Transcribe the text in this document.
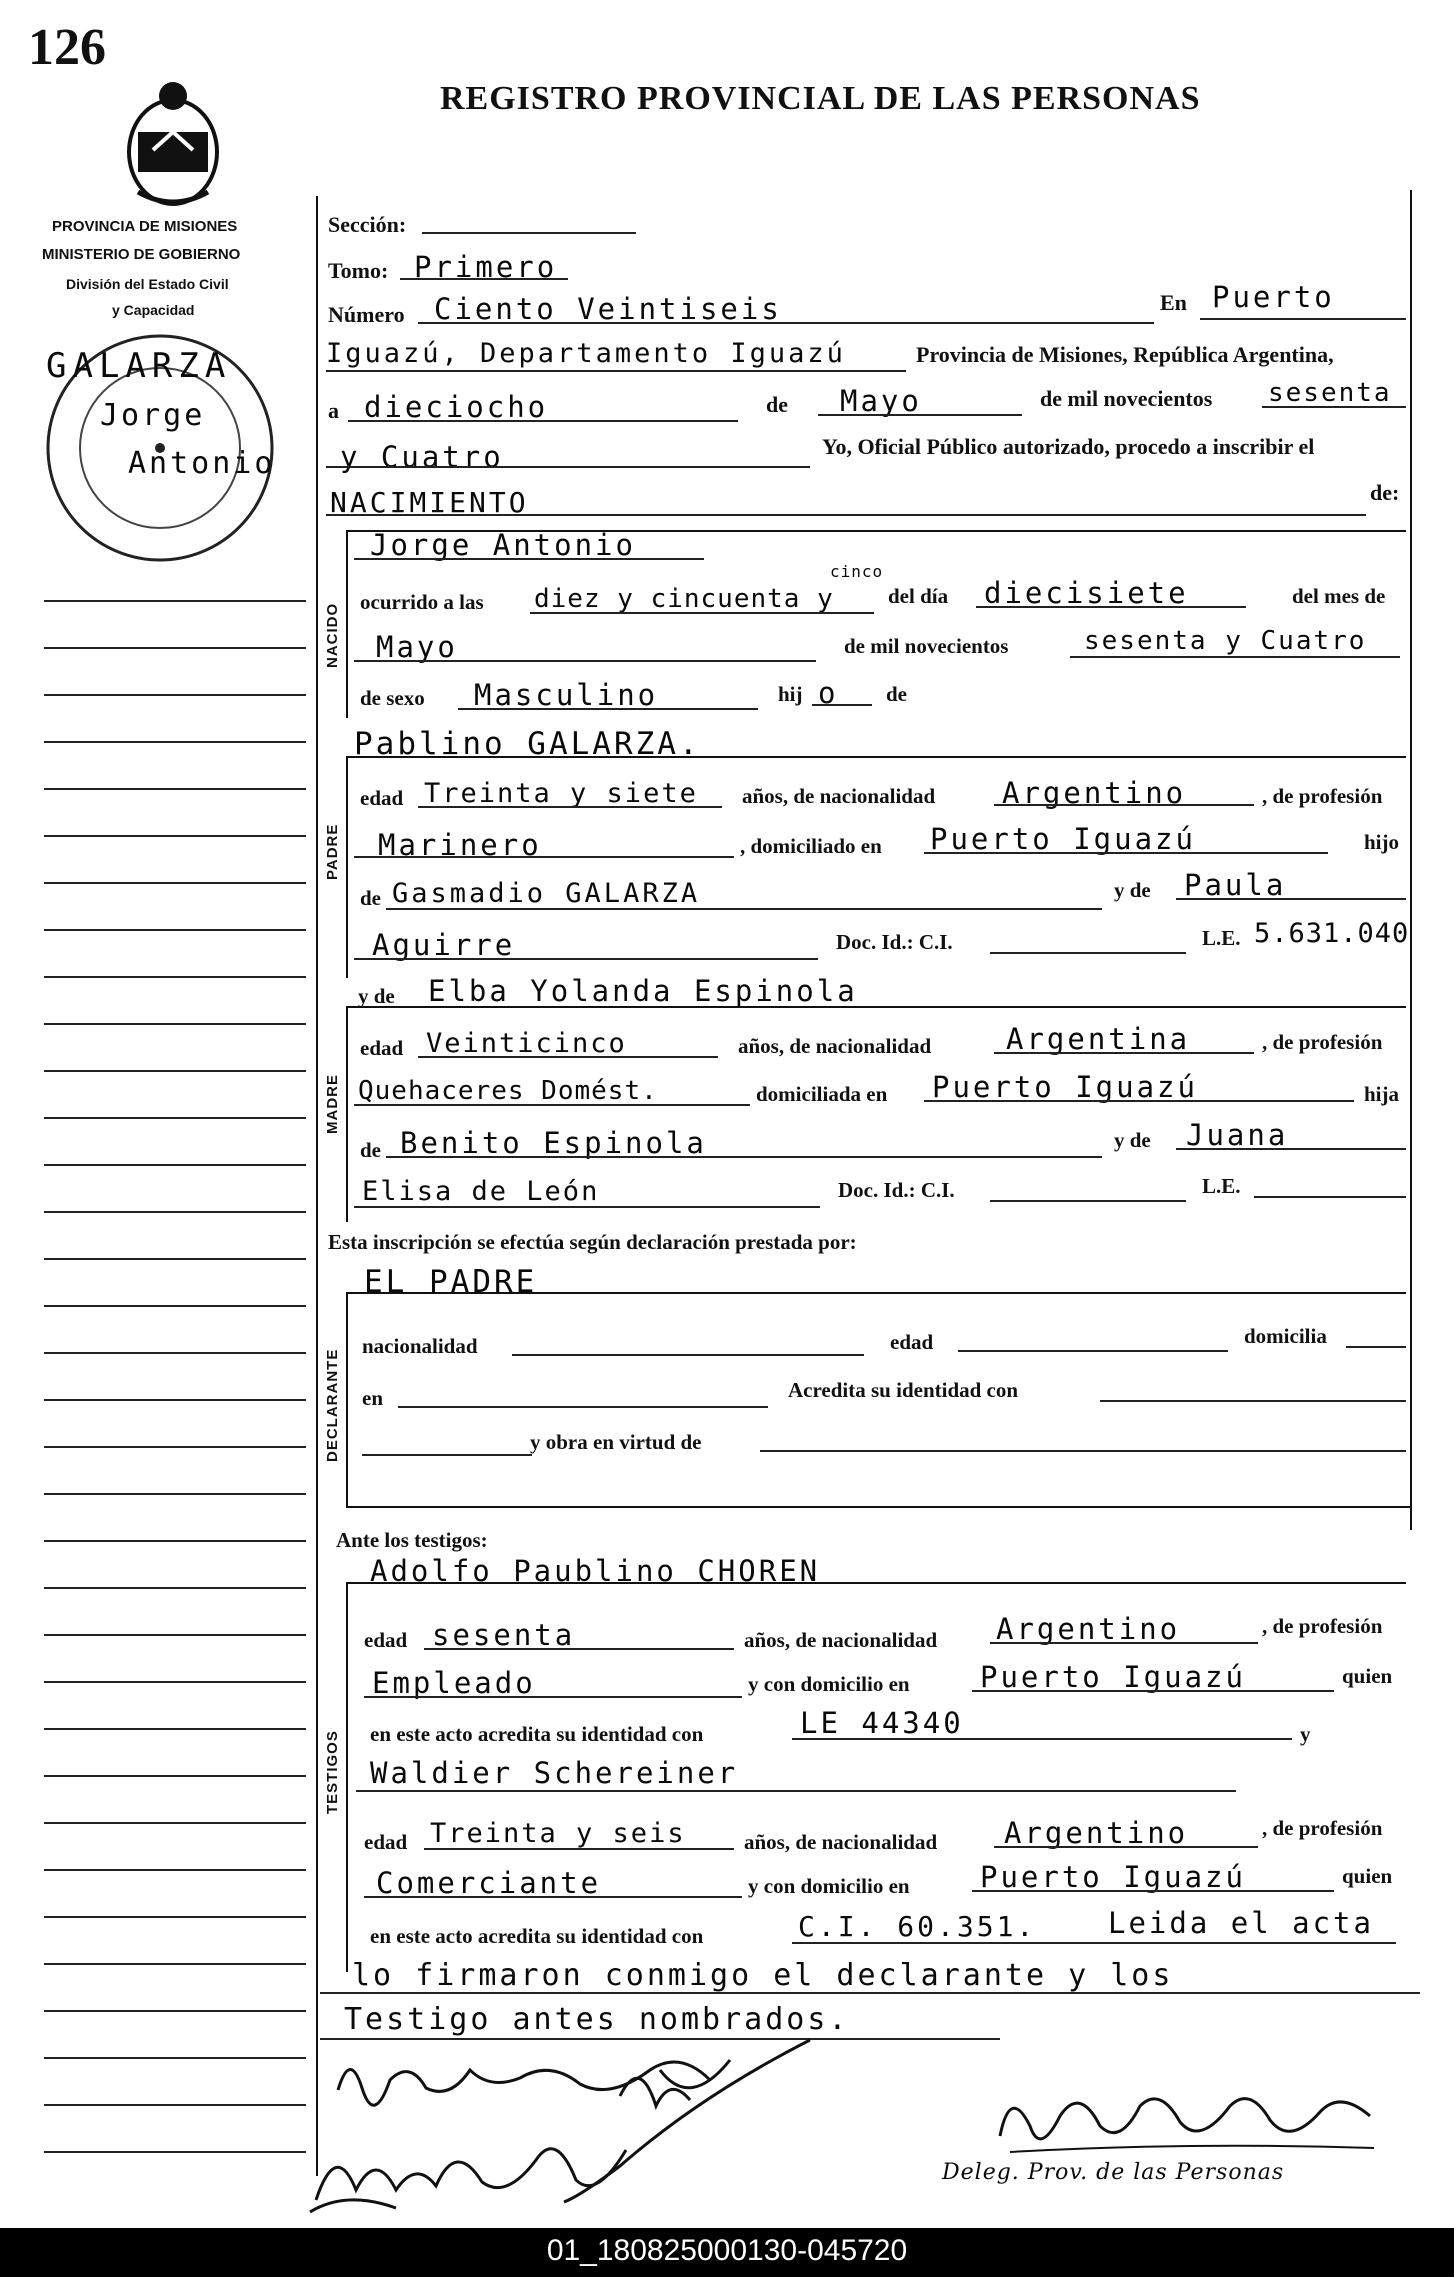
126
REGISTRO PROVINCIAL DE LAS PERSONAS
PROVINCIA DE MISIONES
MINISTERIO DE GOBIERNO
División del Estado Civil
y Capacidad
GALARZA
Jorge
Antonio
Sección:
Tomo: Primero
Número Ciento Veintiseis	En Puerto
Iguazú, Departamento Iguazú	Provincia de Misiones, República Argentina,
a dieciocho	de Mayo	de mil novecientos sesenta
y Cuatro	Yo, Oficial Público autorizado, procedo a inscribir el
NACIMIENTO	de:
NACIDO
Jorge Antonio
ocurrido a las
cinco
diez y cincuenta y	del día diecisiete	del mes de
Mayo	de mil novecientos	sesenta y Cuatro
de sexo Masculino	hij o de
PADRE
Pablino GALARZA.
edad Treinta y siete años, de nacionalidad Argentino	, de profesión
Marinero	, domiciliado en Puerto Iguazú	hijo
de Gasmadio GALARZA	y de Paula
Aguirre	Doc. Id.: C.I.	L.E. 5.631.040
MADRE
y de Elba Yolanda Espinola
edad Veinticinco	años, de nacionalidad	Argentina	, de profesión
Quehaceres Domést.	domiciliada en Puerto Iguazú	hija
de Benito Espinola	y de Juana
Elisa de León	Doc. Id.: C.I.	L.E.
Esta inscripción se efectúa según declaración prestada por:
DECLARANTE
EL PADRE
nacionalidad	edad	domicilia
en	Acredita su identidad con
y obra en virtud de
Ante los testigos:
TESTIGOS
Adolfo Paublino CHOREN
edad sesenta	años, de nacionalidad Argentino	, de profesión
Empleado	y con domicilio en Puerto Iguazú	quien
en este acto acredita su identidad con	LE 44340	y
Waldier Schereiner
edad Treinta y seis	años, de nacionalidad Argentino	, de profesión
Comerciante	y con domicilio en Puerto Iguazú	quien
en este acto acredita su identidad con	C.I. 60.351. Leida el acta
lo firmaron conmigo el declarante y los
Testigo antes nombrados.
Deleg. Prov. de las Personas
01_180825000130-045720
